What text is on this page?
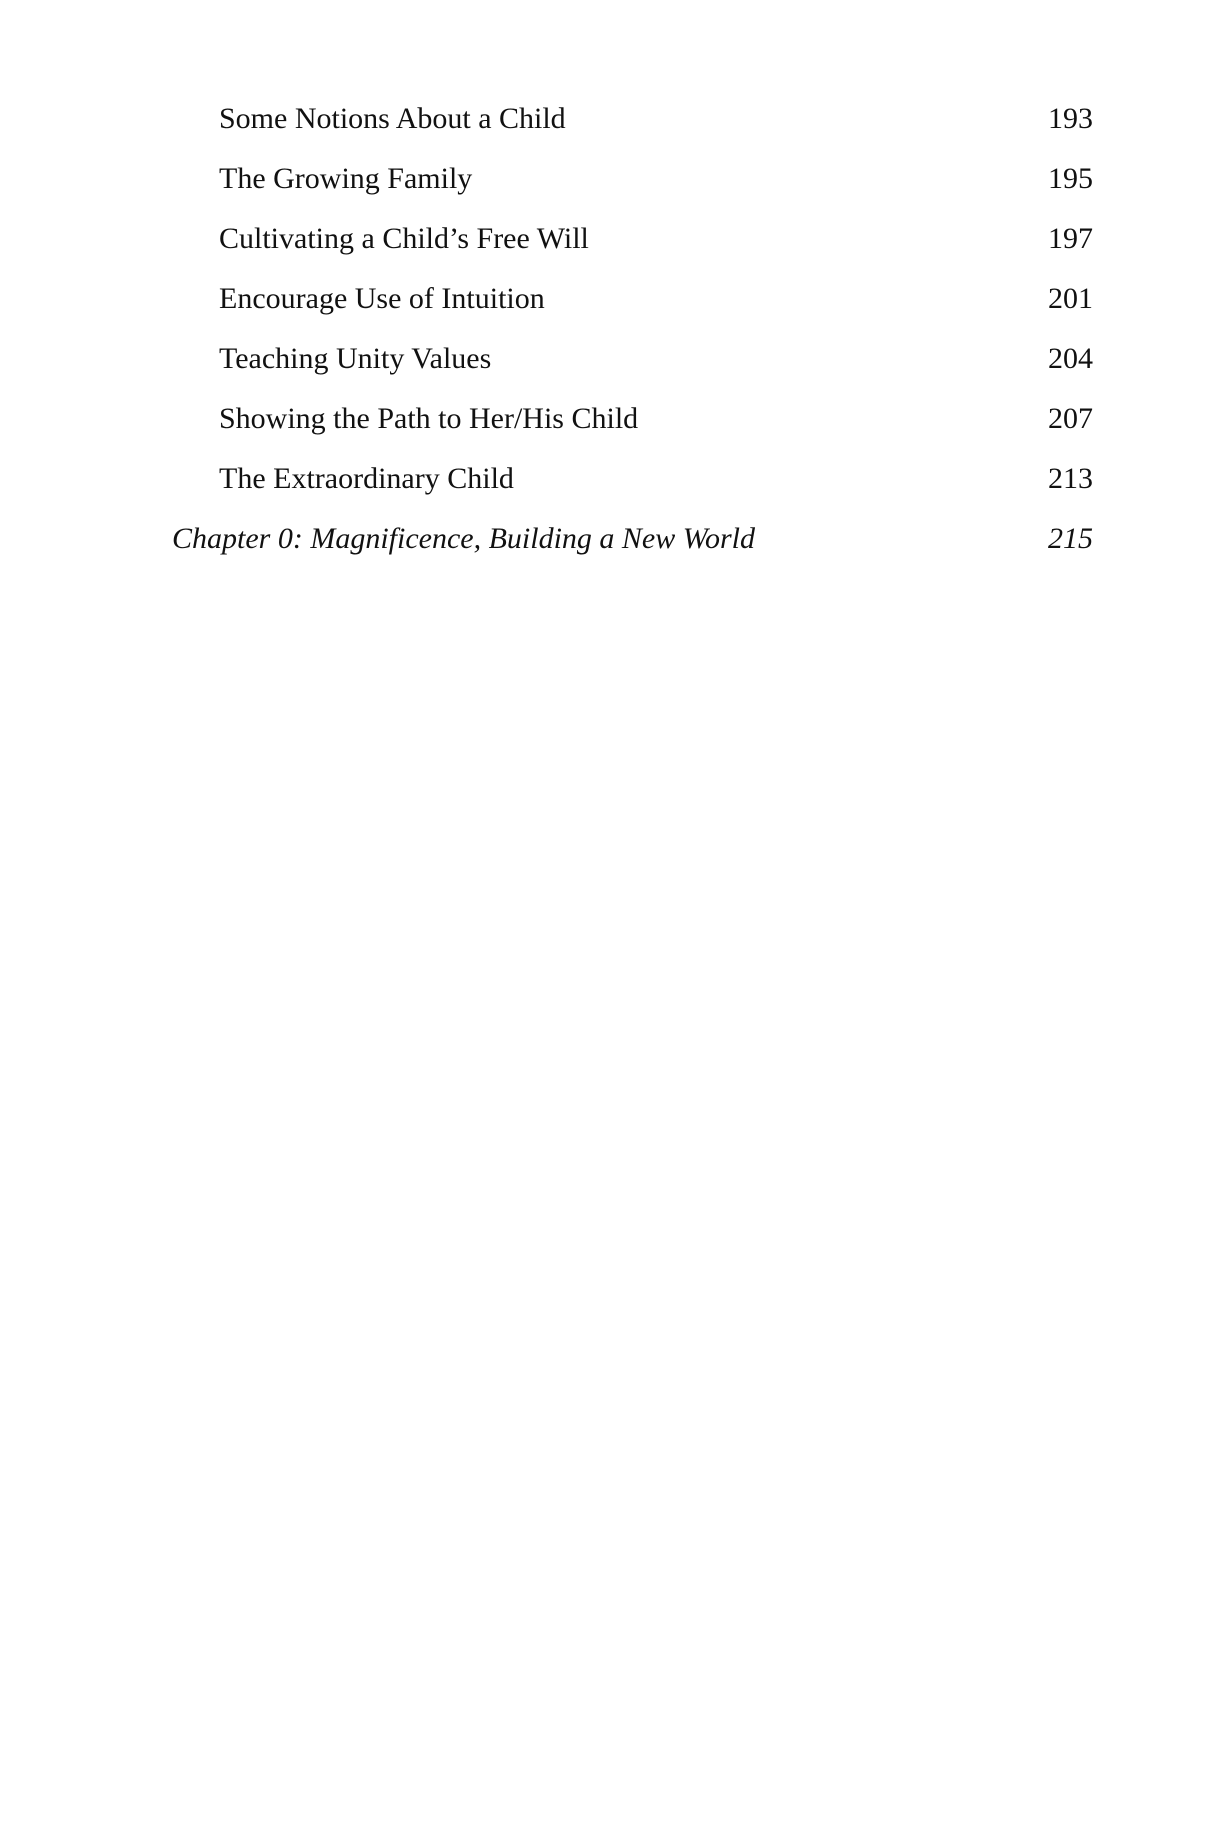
Some Notions About a Child	193
The Growing Family	195
Cultivating a Child’s Free Will	197
Encourage Use of Intuition	201
Teaching Unity Values	204
Showing the Path to Her/His Child	207
The Extraordinary Child	213
Chapter 0: Magnificence, Building a New World	215
